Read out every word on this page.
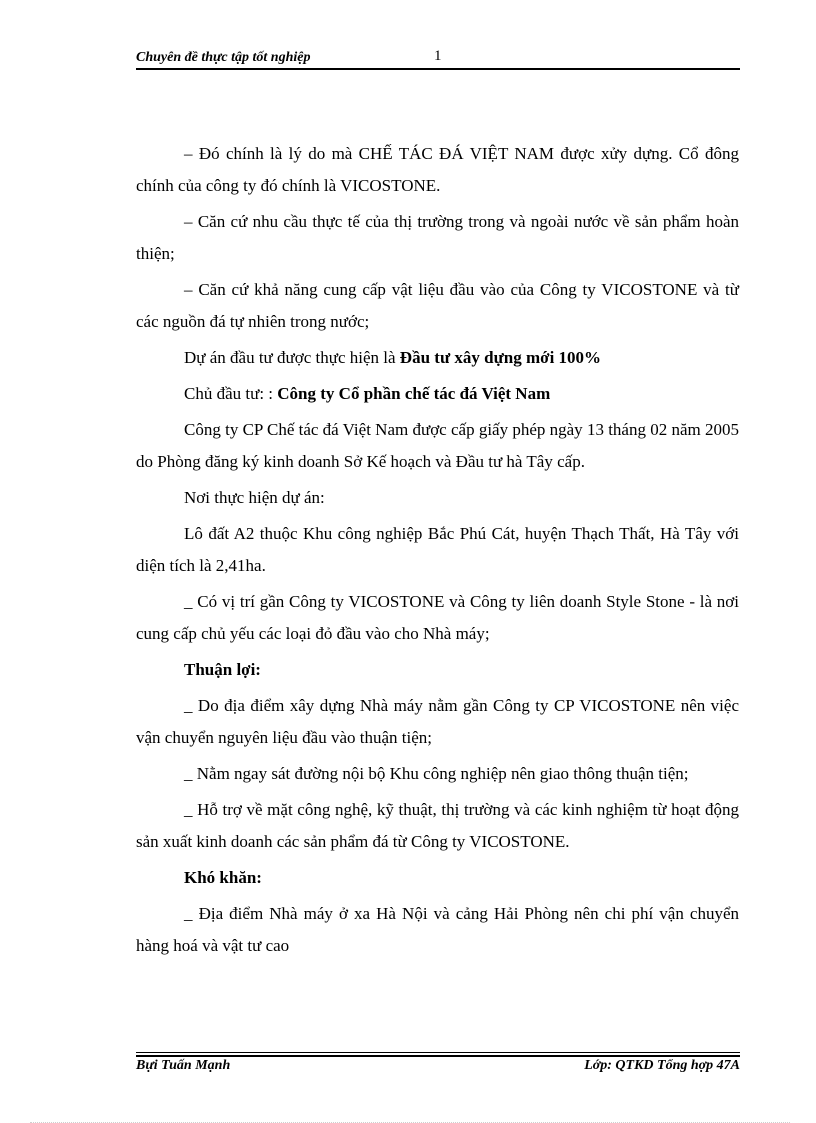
Chuyên đề thực tập tốt nghiệp	1

– Đó chính là lý do mà CHẾ TÁC ĐÁ VIỆT NAM được xửy dựng. Cổ đông chính của công ty đó chính là VICOSTONE.

– Căn cứ nhu cầu thực tế của thị trường trong và ngoài nước về sản phẩm hoàn thiện;

– Căn cứ khả năng cung cấp vật liệu đầu vào của Công ty VICOSTONE và từ các nguồn đá tự nhiên trong nước;

Dự án đầu tư được thực hiện là Đầu tư xây dựng mới 100%

Chủ đầu tư: : Công ty Cổ phần chế tác đá Việt Nam

Công ty CP Chế tác đá Việt Nam được cấp giấy phép ngày 13 tháng 02 năm 2005 do Phòng đăng ký kinh doanh Sở Kế hoạch và Đầu tư hà Tây cấp.

Nơi thực hiện dự án:

Lô đất A2 thuộc Khu công nghiệp Bắc Phú Cát, huyện Thạch Thất, Hà Tây với diện tích là 2,41ha.

_ Có vị trí gần Công ty VICOSTONE và Công ty liên doanh Style Stone - là nơi cung cấp chủ yếu các loại đỏ đầu vào cho Nhà máy;

Thuận lợi:

_ Do địa điểm xây dựng Nhà máy nằm gần Công ty CP VICOSTONE nên việc vận chuyển nguyên liệu đầu vào thuận tiện;

_ Nằm ngay sát đường nội bộ Khu công nghiệp nên giao thông thuận tiện;

_ Hỗ trợ về mặt công nghệ, kỹ thuật, thị trường và các kinh nghiệm từ hoạt động sản xuất kinh doanh các sản phẩm đá từ Công ty VICOSTONE.

Khó khăn:

_ Địa điểm Nhà máy ở xa Hà Nội và cảng Hải Phòng nên chi phí vận chuyển hàng hoá và vật tư cao

Bựi Tuấn Mạnh	Lớp: QTKD Tổng hợp 47A
